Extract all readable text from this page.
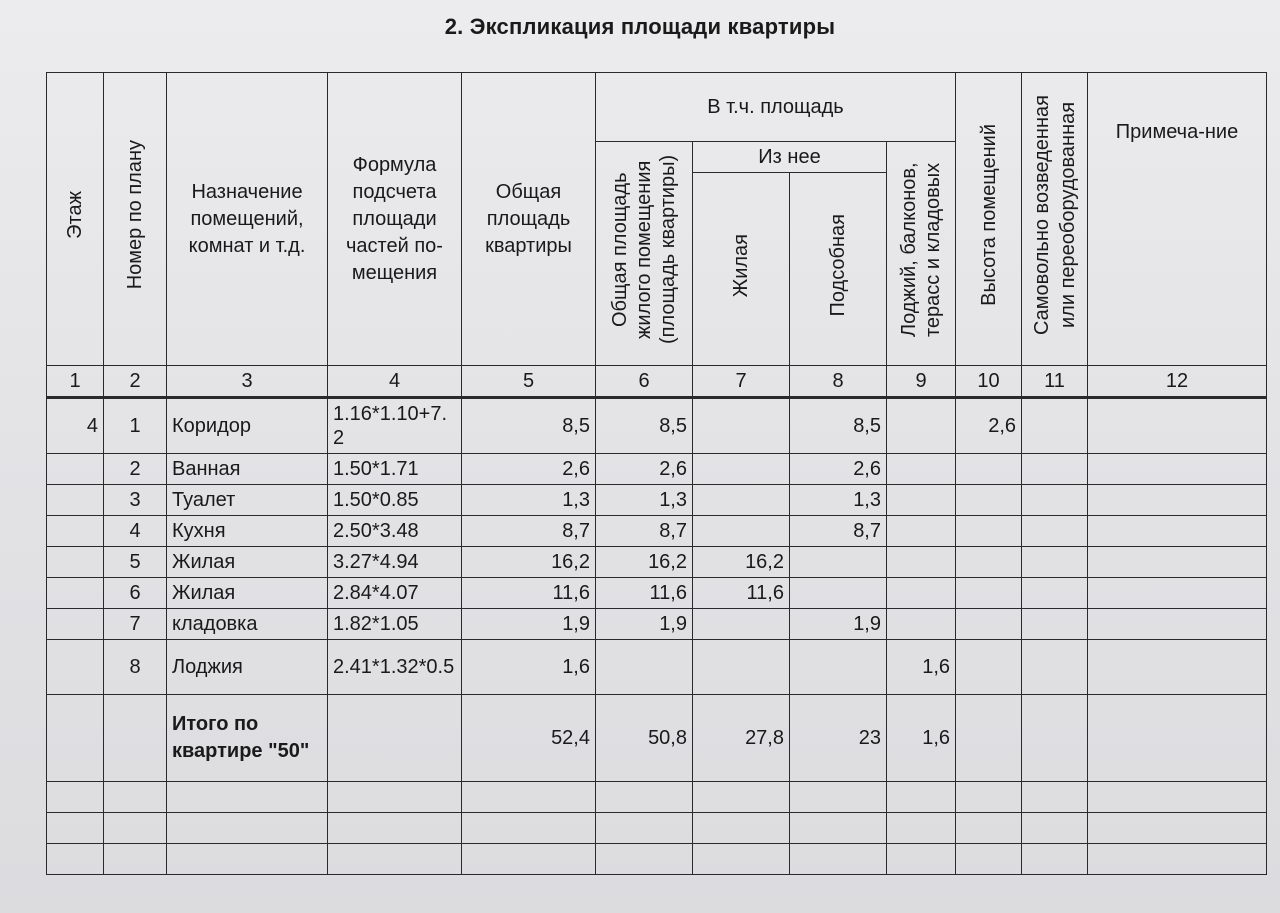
2. Экспликация площади квартиры
Этаж	Номер по плану	Назначение помещений, комнат и т.д.	Формула подсчета площади частей по-мещения	Общая площадь квартиры	В т.ч. площадь				Высота помещений	Самовольно возведенная или переоборудованная	Примеча-ние
					Общая площадь жилого помещения (площадь квартиры)	Из нее		Лоджий, балконов, терасс и кладовых			
						Жилая	Подсобная				
1	2	3	4	5	6	7	8	9	10	11	12
4	1	Коридор	1.16*1.10+7.2	8,5	8,5		8,5		2,6		
	2	Ванная	1.50*1.71	2,6	2,6		2,6				
	3	Туалет	1.50*0.85	1,3	1,3		1,3				
	4	Кухня	2.50*3.48	8,7	8,7		8,7				
	5	Жилая	3.27*4.94	16,2	16,2	16,2					
	6	Жилая	2.84*4.07	11,6	11,6	11,6					
	7	кладовка	1.82*1.05	1,9	1,9		1,9				
	8	Лоджия	2.41*1.32*0.5	1,6				1,6			
		Итого по квартире "50"		52,4	50,8	27,8	23	1,6			
